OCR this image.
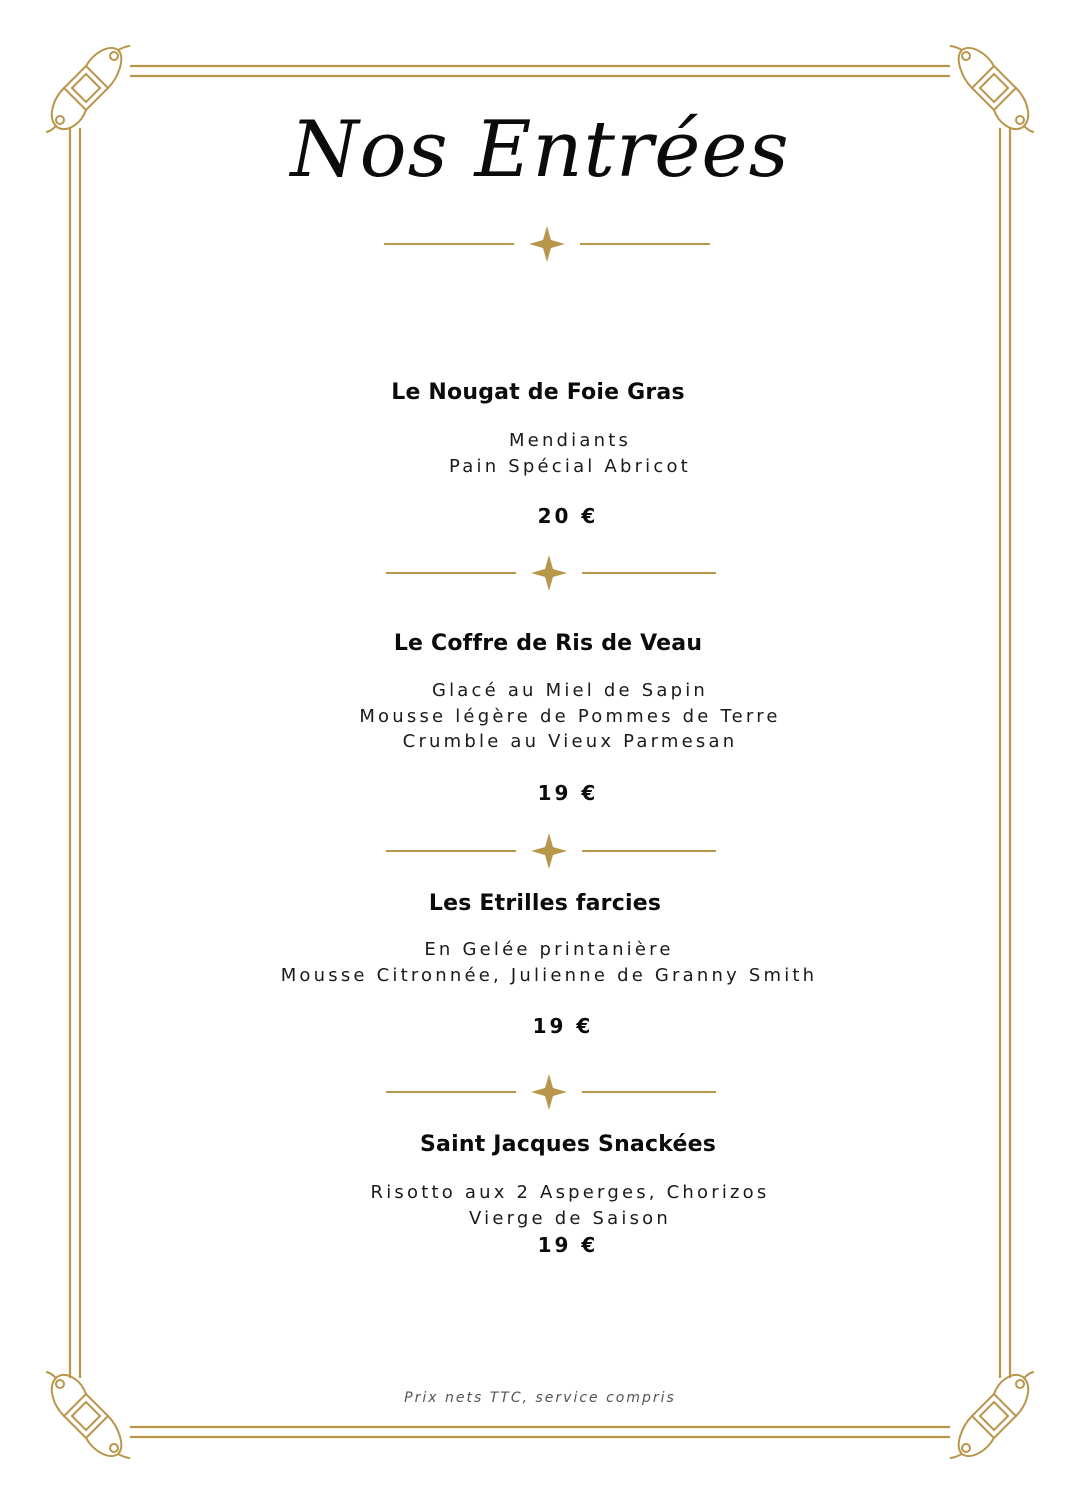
Nos Entrées

Le Nougat de Foie Gras

Mendiants

Pain Spécial Abricot

20 €

Le Coffre de Ris de Veau

Glacé au Miel de Sapin

Mousse légère de Pommes de Terre

Crumble au Vieux Parmesan

19 €

Les Etrilles farcies

En Gelée printanière

Mousse Citronnée, Julienne de Granny Smith

19 €

Saint Jacques Snackées

Risotto aux 2 Asperges, Chorizos

Vierge de Saison

19 €

Prix nets TTC, service compris
